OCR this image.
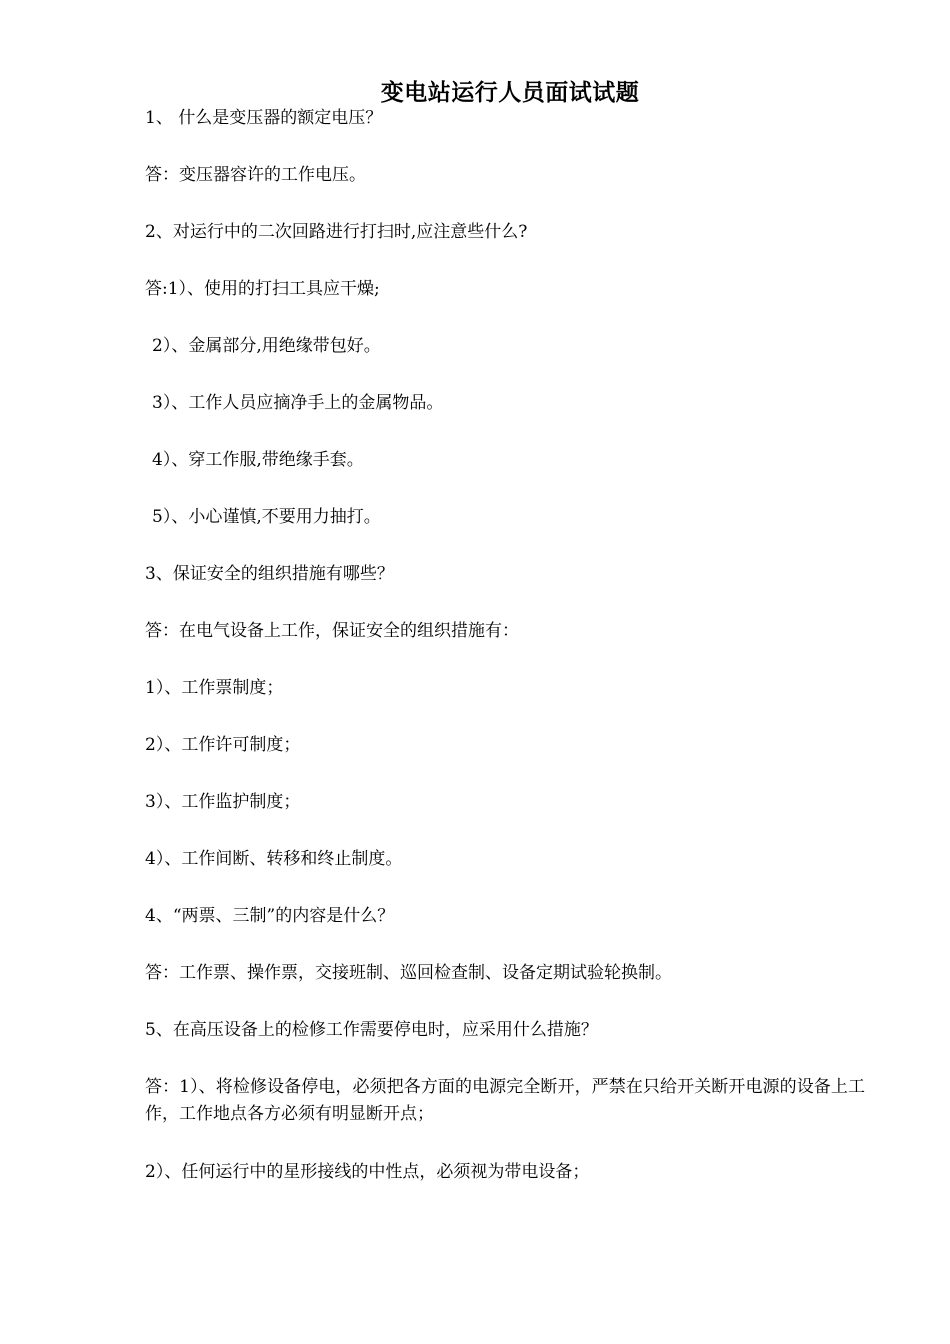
变电站运行人员面试试题
1、 什么是变压器的额定电压？
答：变压器容许的工作电压。
2、对运行中的二次回路进行打扫时,应注意些什么?
答:1）、使用的打扫工具应干燥;
2）、金属部分,用绝缘带包好。
3）、工作人员应摘净手上的金属物品。
4）、穿工作服,带绝缘手套。
5）、小心谨慎,不要用力抽打。
3、保证安全的组织措施有哪些？
答：在电气设备上工作，保证安全的组织措施有：
1）、工作票制度；
2）、工作许可制度；
3）、工作监护制度；
4）、工作间断、转移和终止制度。
4、“两票、三制”的内容是什么？
答：工作票、操作票，交接班制、巡回检查制、设备定期试验轮换制。
5、在高压设备上的检修工作需要停电时，应采用什么措施？
答：1）、将检修设备停电，必须把各方面的电源完全断开，严禁在只给开关断开电源的设备上工作，工作地点各方必须有明显断开点；
2）、任何运行中的星形接线的中性点，必须视为带电设备；
